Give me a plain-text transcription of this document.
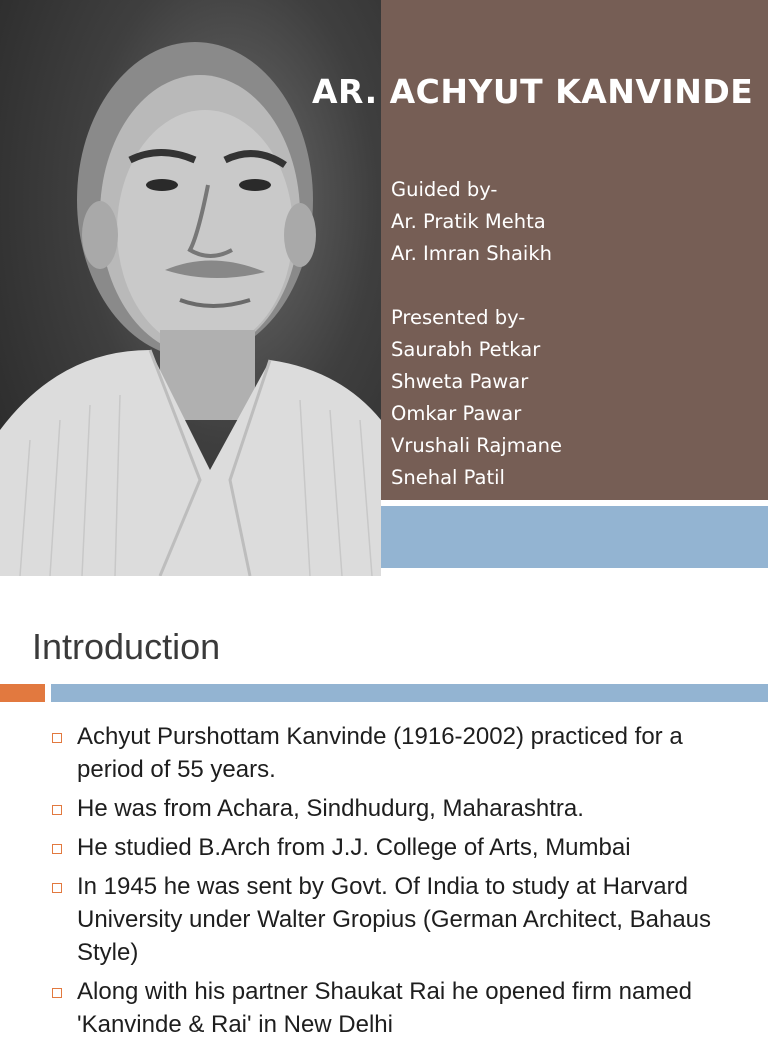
AR. ACHYUT KANVINDE
Guided by-
Ar. Pratik Mehta
Ar. Imran Shaikh
Presented by-
Saurabh Petkar
Shweta Pawar
Omkar Pawar
Vrushali Rajmane
Snehal Patil
Introduction
Achyut Purshottam Kanvinde (1916-2002) practiced for a period of 55 years.
He was from Achara, Sindhudurg, Maharashtra.
He studied B.Arch from J.J. College of Arts, Mumbai
In 1945 he was sent by Govt. Of India to study at Harvard University under Walter Gropius (German Architect, Bahaus Style)
Along with his partner Shaukat Rai he opened firm named 'Kanvinde & Rai' in New Delhi
